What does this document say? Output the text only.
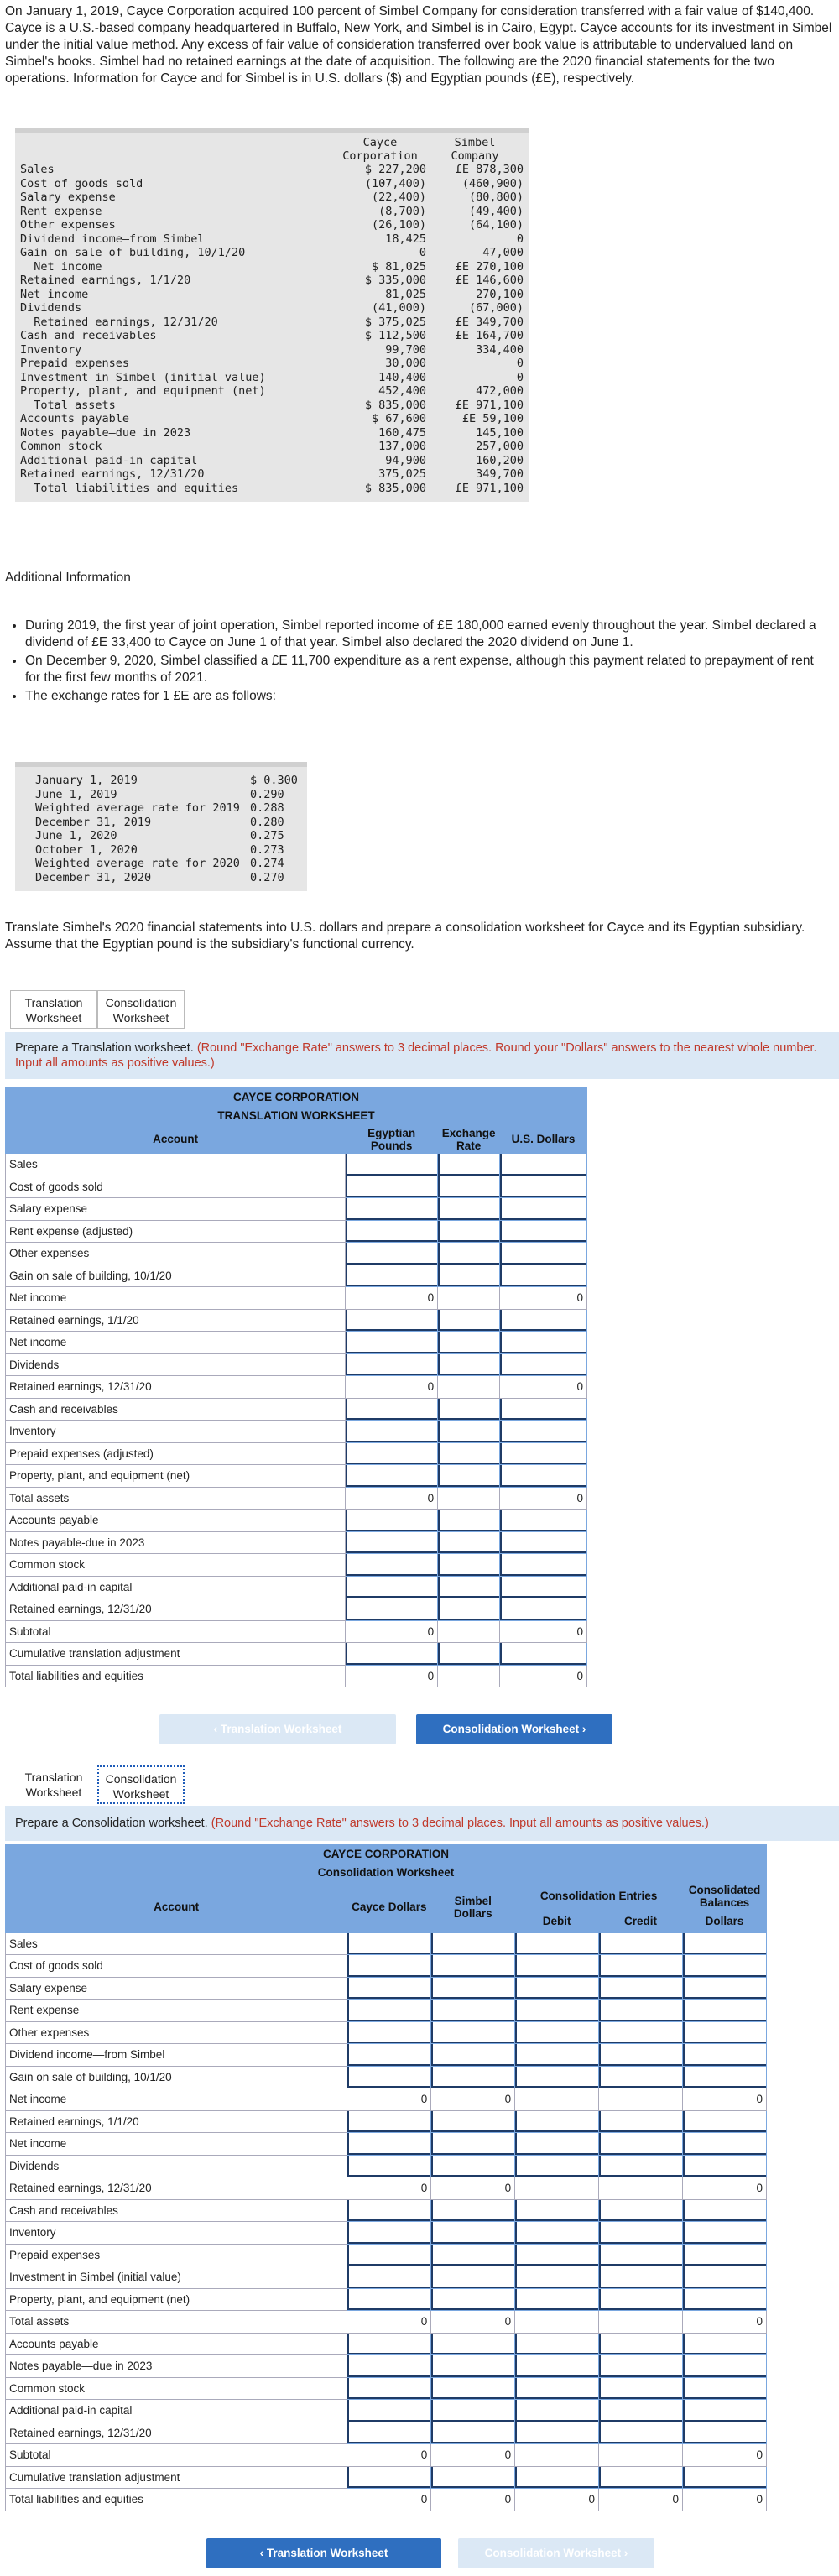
On January 1, 2019, Cayce Corporation acquired 100 percent of Simbel Company for consideration transferred with a fair value of $140,400. Cayce is a U.S.-based company headquartered in Buffalo, New York, and Simbel is in Cairo, Egypt. Cayce accounts for its investment in Simbel under the initial value method. Any excess of fair value of consideration transferred over book value is attributable to undervalued land on Simbel's books. Simbel had no retained earnings at the date of acquisition. The following are the 2020 financial statements for the two operations. Information for Cayce and for Simbel is in U.S. dollars ($) and Egyptian pounds (£E), respectively.
Cayce
Corporation
Simbel
Company
Sales	$ 227,200	£E 878,300
Cost of goods sold	(107,400)	(460,900)
Salary expense	(22,400)	(80,800)
Rent expense	(8,700)	(49,400)
Other expenses	(26,100)	(64,100)
Dividend income—from Simbel	18,425	0
Gain on sale of building, 10/1/20	0	47,000
Net income	$ 81,025	£E 270,100
Retained earnings, 1/1/20	$ 335,000	£E 146,600
Net income	81,025	270,100
Dividends	(41,000)	(67,000)
Retained earnings, 12/31/20	$ 375,025	£E 349,700
Cash and receivables	$ 112,500	£E 164,700
Inventory	99,700	334,400
Prepaid expenses	30,000	0
Investment in Simbel (initial value)	140,400	0
Property, plant, and equipment (net)	452,400	472,000
Total assets	$ 835,000	£E 971,100
Accounts payable	$ 67,600	£E 59,100
Notes payable—due in 2023	160,475	145,100
Common stock	137,000	257,000
Additional paid-in capital	94,900	160,200
Retained earnings, 12/31/20	375,025	349,700
Total liabilities and equities	$ 835,000	£E 971,100
Additional Information
• During 2019, the first year of joint operation, Simbel reported income of £E 180,000 earned evenly throughout the year. Simbel declared a dividend of £E 33,400 to Cayce on June 1 of that year. Simbel also declared the 2020 dividend on June 1.
• On December 9, 2020, Simbel classified a £E 11,700 expenditure as a rent expense, although this payment related to prepayment of rent for the first few months of 2021.
• The exchange rates for 1 £E are as follows:
January 1, 2019	$ 0.300
June 1, 2019	0.290
Weighted average rate for 2019 0.288
December 31, 2019	0.280
June 1, 2020	0.275
October 1, 2020	0.273
Weighted average rate for 2020 0.274
December 31, 2020	0.270
Translate Simbel's 2020 financial statements into U.S. dollars and prepare a consolidation worksheet for Cayce and its Egyptian subsidiary. Assume that the Egyptian pound is the subsidiary's functional currency.
Translation
Worksheet
Consolidation
Worksheet
Prepare a Translation worksheet. (Round "Exchange Rate" answers to 3 decimal places. Round your "Dollars" answers to the nearest whole number. Input all amounts as positive values.)
CAYCE CORPORATION			
TRANSLATION WORKSHEET			
Account	Egyptian Pounds	Exchange Rate	U.S. Dollars
Sales			
Cost of goods sold			
Salary expense			
Rent expense (adjusted)			
Other expenses			
Gain on sale of building, 10/1/20			
Net income	0		0
Retained earnings, 1/1/20			
Net income			
Dividends			
Retained earnings, 12/31/20	0		0
Cash and receivables			
Inventory			
Prepaid expenses (adjusted)			
Property, plant, and equipment (net)			
Total assets	0		0
Accounts payable			
Notes payable-due in 2023			
Common stock			
Additional paid-in capital			
Retained earnings, 12/31/20			
Subtotal	0		0
Cumulative translation adjustment			
Total liabilities and equities	0		0
‹ Translation Worksheet	Consolidation Worksheet ›
Translation
Worksheet
Consolidation
Worksheet
Prepare a Consolidation worksheet. (Round "Exchange Rate" answers to 3 decimal places. Input all amounts as positive values.)
CAYCE CORPORATION					
Consolidation Worksheet					
Account	Cayce Dollars	Simbel Dollars	Consolidation Entries		Consolidated Balances
			Debit	Credit	Dollars
Sales					
Cost of goods sold					
Salary expense					
Rent expense					
Other expenses					
Dividend income—from Simbel					
Gain on sale of building, 10/1/20					
Net income	0	0			0
Retained earnings, 1/1/20					
Net income					
Dividends					
Retained earnings, 12/31/20	0	0			0
Cash and receivables					
Inventory					
Prepaid expenses					
Investment in Simbel (initial value)					
Property, plant, and equipment (net)					
Total assets	0	0			0
Accounts payable					
Notes payable—due in 2023					
Common stock					
Additional paid-in capital					
Retained earnings, 12/31/20					
Subtotal	0	0			0
Cumulative translation adjustment					
Total liabilities and equities	0	0	0	0	0
‹ Translation Worksheet	Consolidation Worksheet ›
